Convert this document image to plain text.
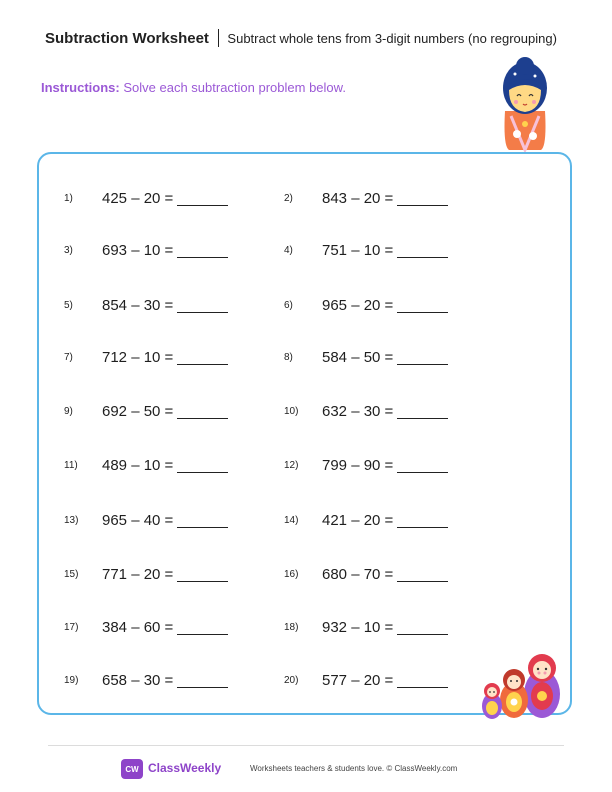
Subtraction Worksheet Subtract whole tens from 3-digit numbers (no regrouping)
Instructions: Solve each subtraction problem below.
1)	425 – 20 =	2)	843 – 20 =
3)	693 – 10 =	4)	751 – 10 =
5)	854 – 30 =	6)	965 – 20 =
7)	712 – 10 =	8)	584 – 50 =
9)	692 – 50 =	10)	632 – 30 =
11)	489 – 10 =	12)	799 – 90 =
13)	965 – 40 =	14)	421 – 20 =
15)	771 – 20 =	16)	680 – 70 =
17)	384 – 60 =	18)	932 – 10 =
19)	658 – 30 =	20)	577 – 20 =
CW ClassWeekly	Worksheets teachers & students love. © ClassWeekly.com
